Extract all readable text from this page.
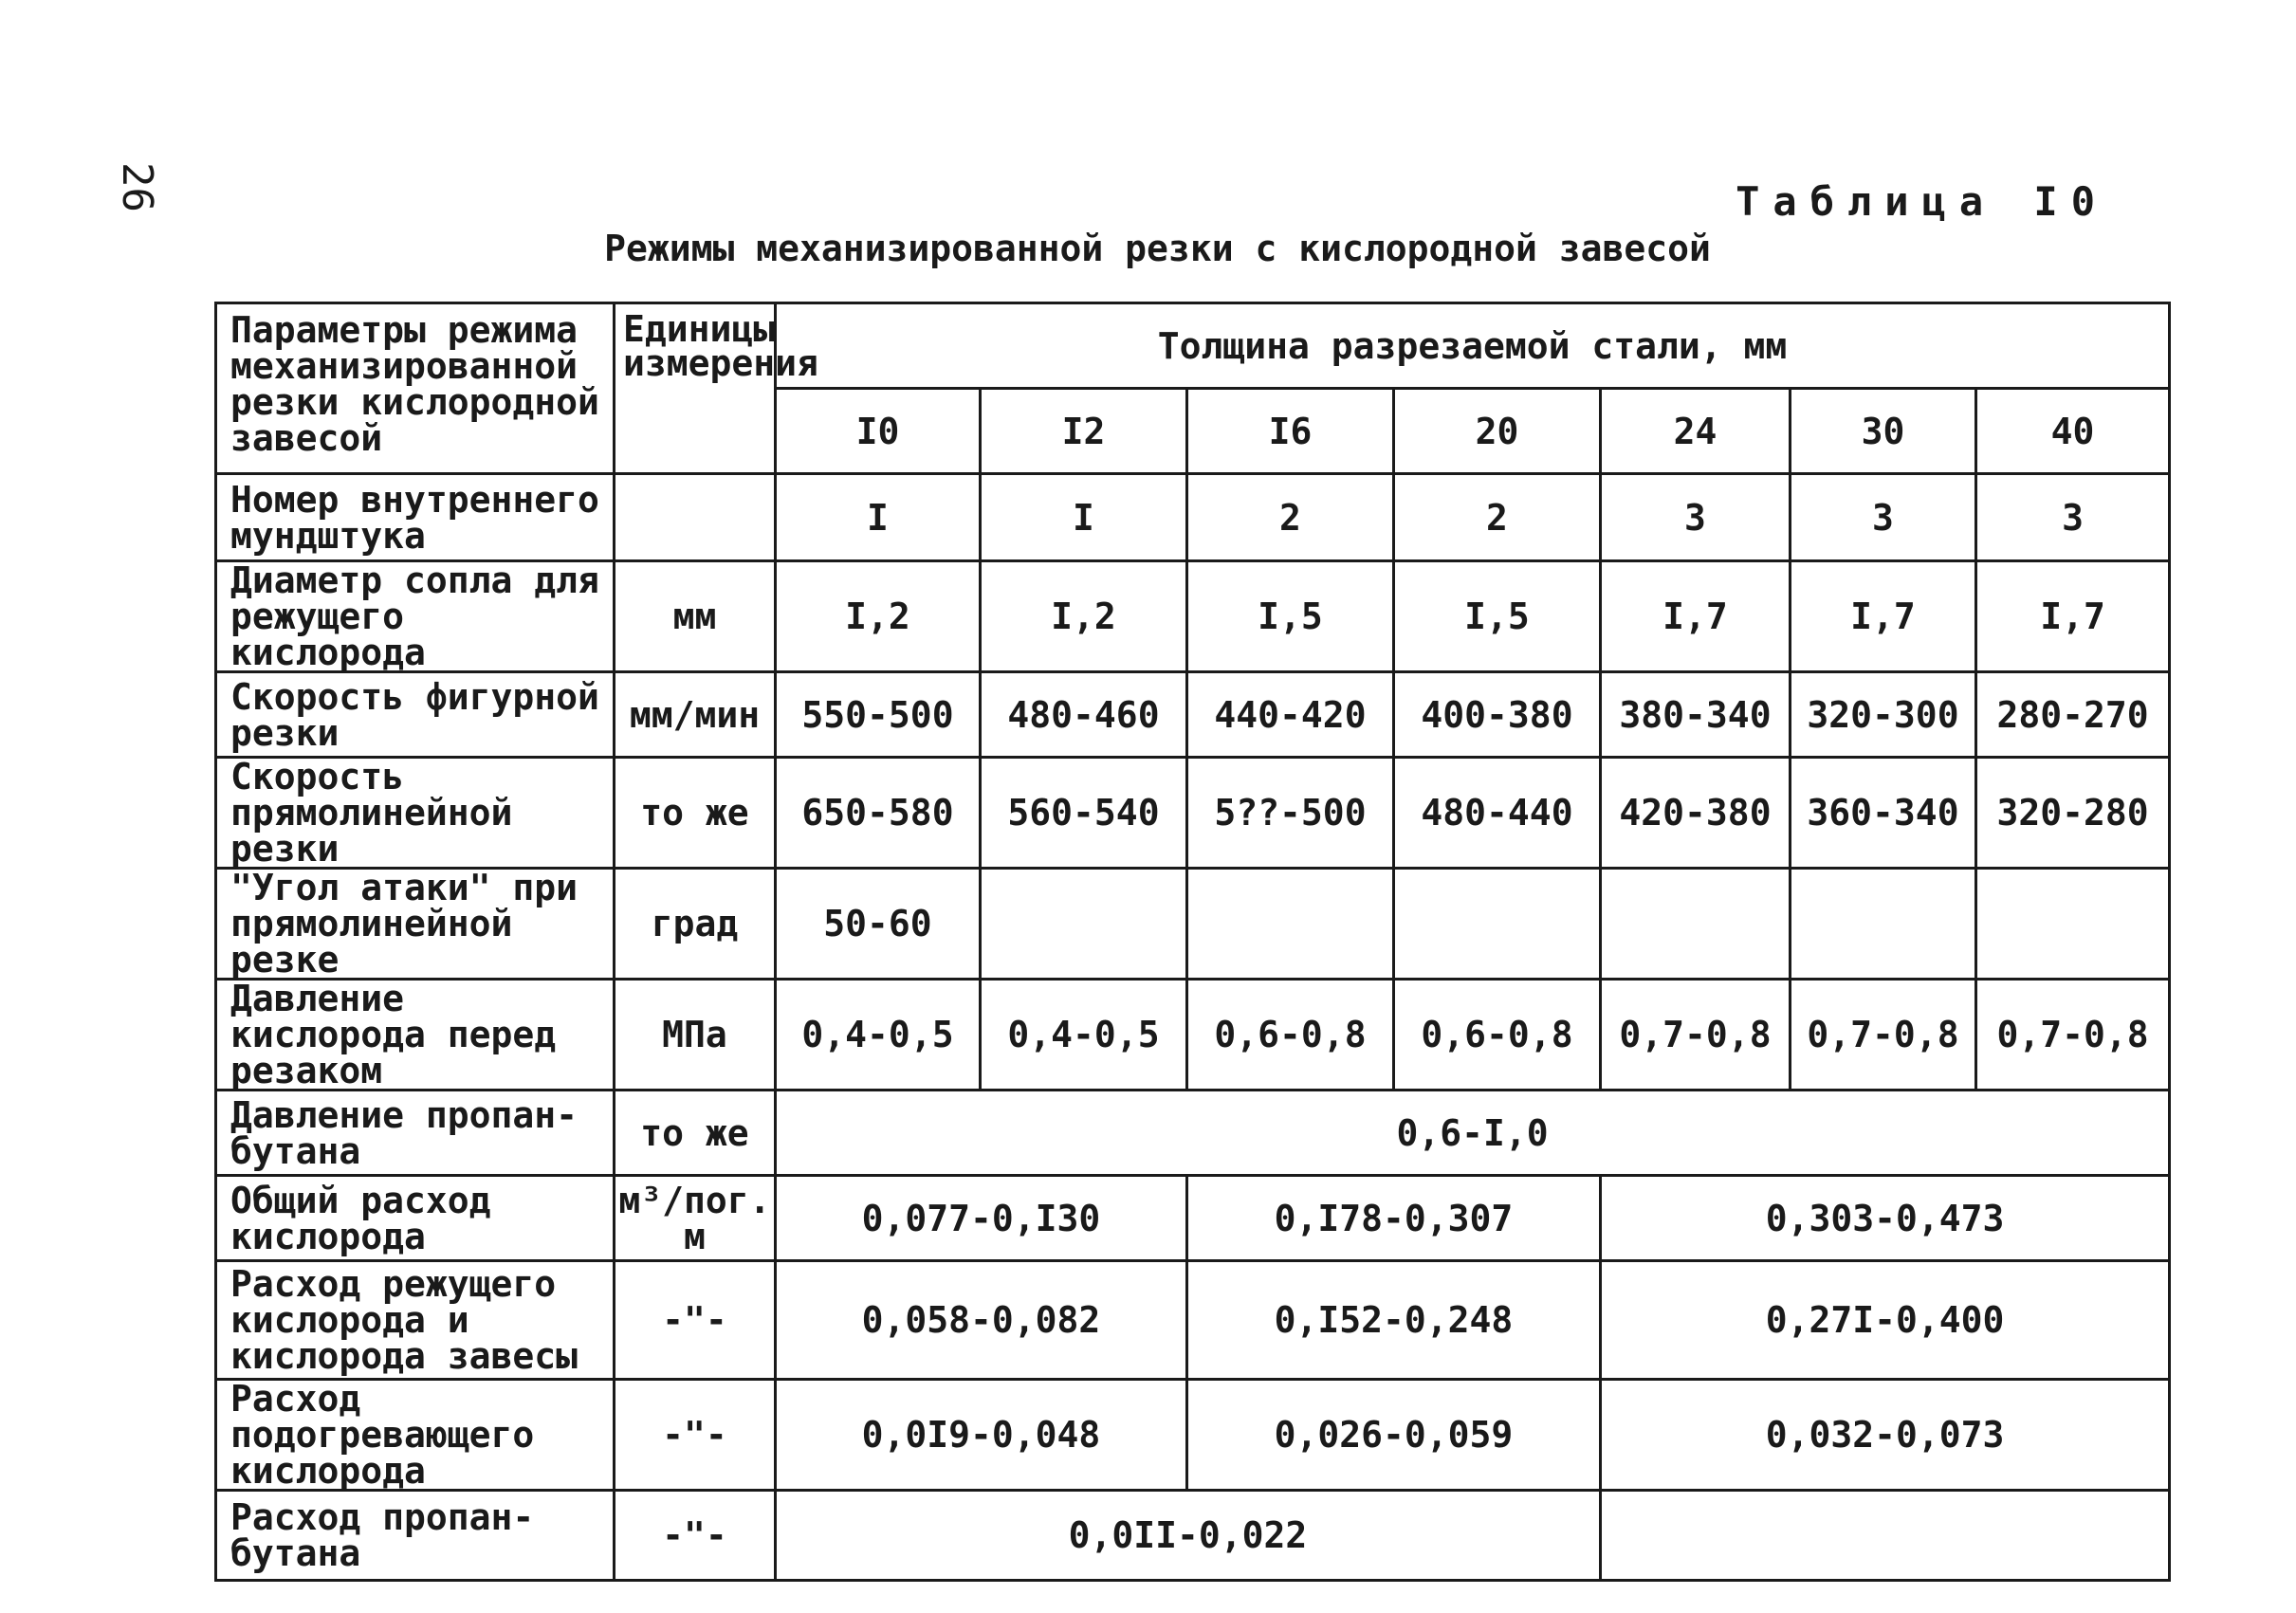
26	Таблица I0
Режимы механизированной резки с кислородной завесой
Параметры режима механизированной резки кислородной завесой	Единицы измерения	Толщина разрезаемой стали, мм						
		I0	I2	I6	20	24	30	40
Номер внутреннего мундштука		I	I	2	2	3	3	3
Диаметр сопла для режущего кислорода	мм	I,2	I,2	I,5	I,5	I,7	I,7	I,7
Скорость фигурной резки	мм/мин	550-500	480-460	440-420	400-380	380-340	320-300	280-270
Скорость прямолинейной резки	то же	650-580	560-540	5??-500	480-440	420-380	360-340	320-280
"Угол атаки" при прямолинейной резке	град	50-60						
Давление кислорода перед резаком	МПа	0,4-0,5	0,4-0,5	0,6-0,8	0,6-0,8	0,7-0,8	0,7-0,8	0,7-0,8
Давление пропан-бутана	то же	0,6-I,0						
Общий расход кислорода	м³/пог. м	0,077-0,I30		0,I78-0,307		0,303-0,473		
Расход режущего кислорода и кислорода завесы	-"-	0,058-0,082		0,I52-0,248		0,27I-0,400		
Расход подогревающего кислорода	-"-	0,0I9-0,048		0,026-0,059		0,032-0,073		
Расход пропан-бутана	-"-	0,0II-0,022						
